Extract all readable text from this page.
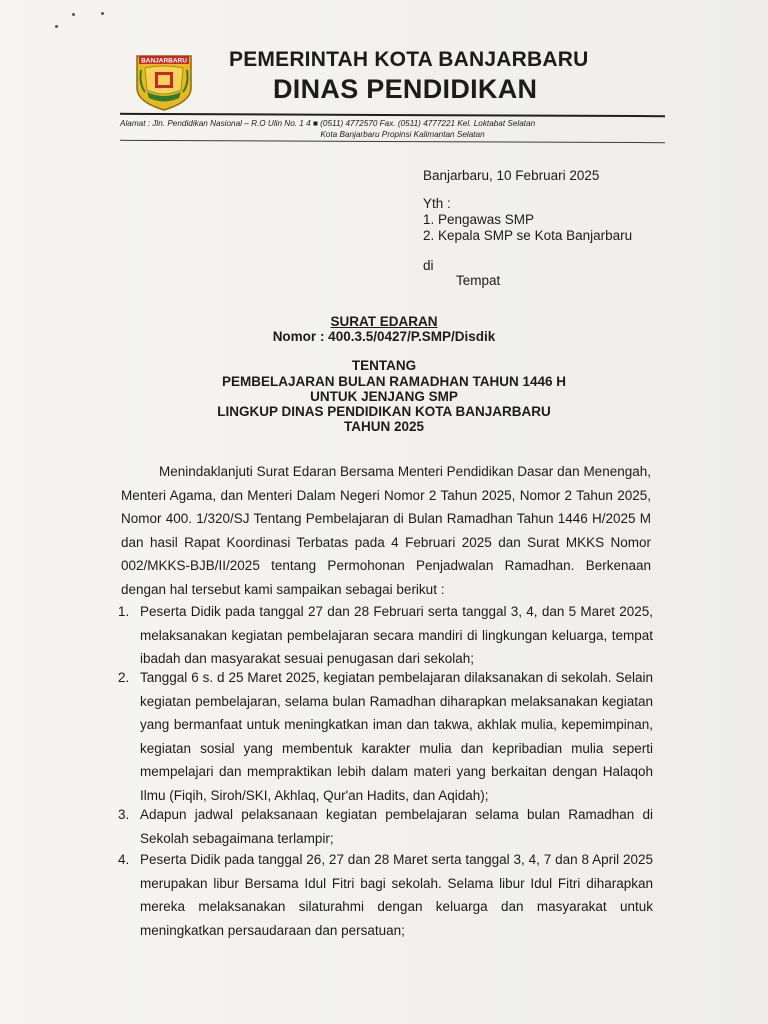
BANJARBARU PEMERINTAH KOTA BANJARBARU
DINAS PENDIDIKAN
Alamat : Jln. Pendidikan Nasional – R.O Ulin No. 1 4 ■ (0511) 4772570 Fax. (0511) 4777221 Kel. Loktabat Selatan
Kota Banjarbaru Propinsi Kalimantan Selatan
Banjarbaru, 10 Februari 2025
Yth :
1. Pengawas SMP
2. Kepala SMP se Kota Banjarbaru
di
Tempat
SURAT EDARAN
Nomor : 400.3.5/0427/P.SMP/Disdik
TENTANG
PEMBELAJARAN BULAN RAMADHAN TAHUN 1446 H
UNTUK JENJANG SMP
LINGKUP DINAS PENDIDIKAN KOTA BANJARBARU
TAHUN 2025
Menindaklanjuti Surat Edaran Bersama Menteri Pendidikan Dasar dan Menengah, Menteri Agama, dan Menteri Dalam Negeri Nomor 2 Tahun 2025, Nomor 2 Tahun 2025, Nomor 400. 1/320/SJ Tentang Pembelajaran di Bulan Ramadhan Tahun 1446 H/2025 M dan hasil Rapat Koordinasi Terbatas pada 4 Februari 2025 dan Surat MKKS Nomor 002/MKKS-BJB/II/2025 tentang Permohonan Penjadwalan Ramadhan. Berkenaan dengan hal tersebut kami sampaikan sebagai berikut :
1. Peserta Didik pada tanggal 27 dan 28 Februari serta tanggal 3, 4, dan 5 Maret 2025, melaksanakan kegiatan pembelajaran secara mandiri di lingkungan keluarga, tempat ibadah dan masyarakat sesuai penugasan dari sekolah;
2. Tanggal 6 s. d 25 Maret 2025, kegiatan pembelajaran dilaksanakan di sekolah. Selain kegiatan pembelajaran, selama bulan Ramadhan diharapkan melaksanakan kegiatan yang bermanfaat untuk meningkatkan iman dan takwa, akhlak mulia, kepemimpinan, kegiatan sosial yang membentuk karakter mulia dan kepribadian mulia seperti mempelajari dan mempraktikan lebih dalam materi yang berkaitan dengan Halaqoh Ilmu (Fiqih, Siroh/SKI, Akhlaq, Qur'an Hadits, dan Aqidah);
3. Adapun jadwal pelaksanaan kegiatan pembelajaran selama bulan Ramadhan di Sekolah sebagaimana terlampir;
4. Peserta Didik pada tanggal 26, 27 dan 28 Maret serta tanggal 3, 4, 7 dan 8 April 2025 merupakan libur Bersama Idul Fitri bagi sekolah. Selama libur Idul Fitri diharapkan mereka melaksanakan silaturahmi dengan keluarga dan masyarakat untuk meningkatkan persaudaraan dan persatuan;
